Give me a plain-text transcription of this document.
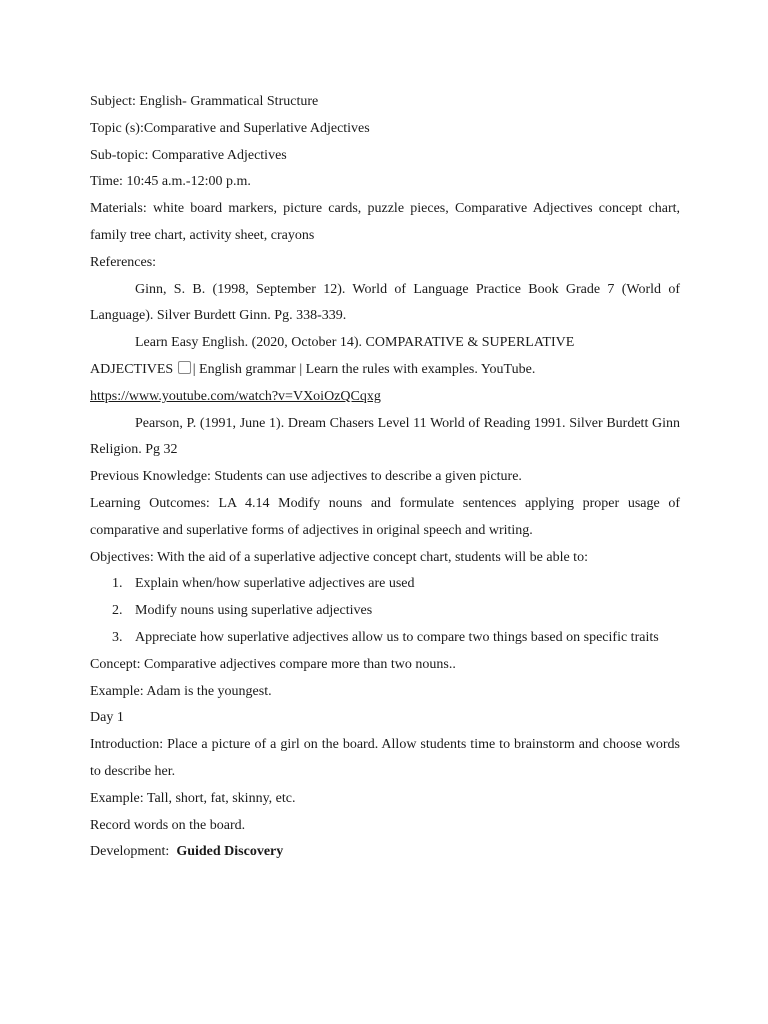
Subject: English- Grammatical Structure
Topic (s):Comparative and Superlative Adjectives
Sub-topic: Comparative Adjectives
Time: 10:45 a.m.-12:00 p.m.
Materials: white board markers, picture cards, puzzle pieces, Comparative Adjectives concept chart, family tree chart, activity sheet, crayons
References:
Ginn, S. B. (1998, September 12). World of Language Practice Book Grade 7 (World of Language). Silver Burdett Ginn. Pg. 338-339.
Learn Easy English. (2020, October 14). COMPARATIVE & SUPERLATIVE
ADJECTIVES | English grammar | Learn the rules with examples. YouTube.
https://www.youtube.com/watch?v=VXoiOzQCqxg
Pearson, P. (1991, June 1). Dream Chasers Level 11 World of Reading 1991. Silver Burdett Ginn Religion. Pg 32
Previous Knowledge: Students can use adjectives to describe a given picture.
Learning Outcomes: LA 4.14 Modify nouns and formulate sentences applying proper usage of comparative and superlative forms of adjectives in original speech and writing.
Objectives: With the aid of a superlative adjective concept chart, students will be able to:
1. Explain when/how superlative adjectives are used
2. Modify nouns using superlative adjectives
3. Appreciate how superlative adjectives allow us to compare two things based on specific traits
Concept: Comparative adjectives compare more than two nouns..
Example: Adam is the youngest.
Day 1
Introduction: Place a picture of a girl on the board. Allow students time to brainstorm and choose words to describe her.
Example: Tall, short, fat, skinny, etc.
Record words on the board.
Development:  Guided Discovery
